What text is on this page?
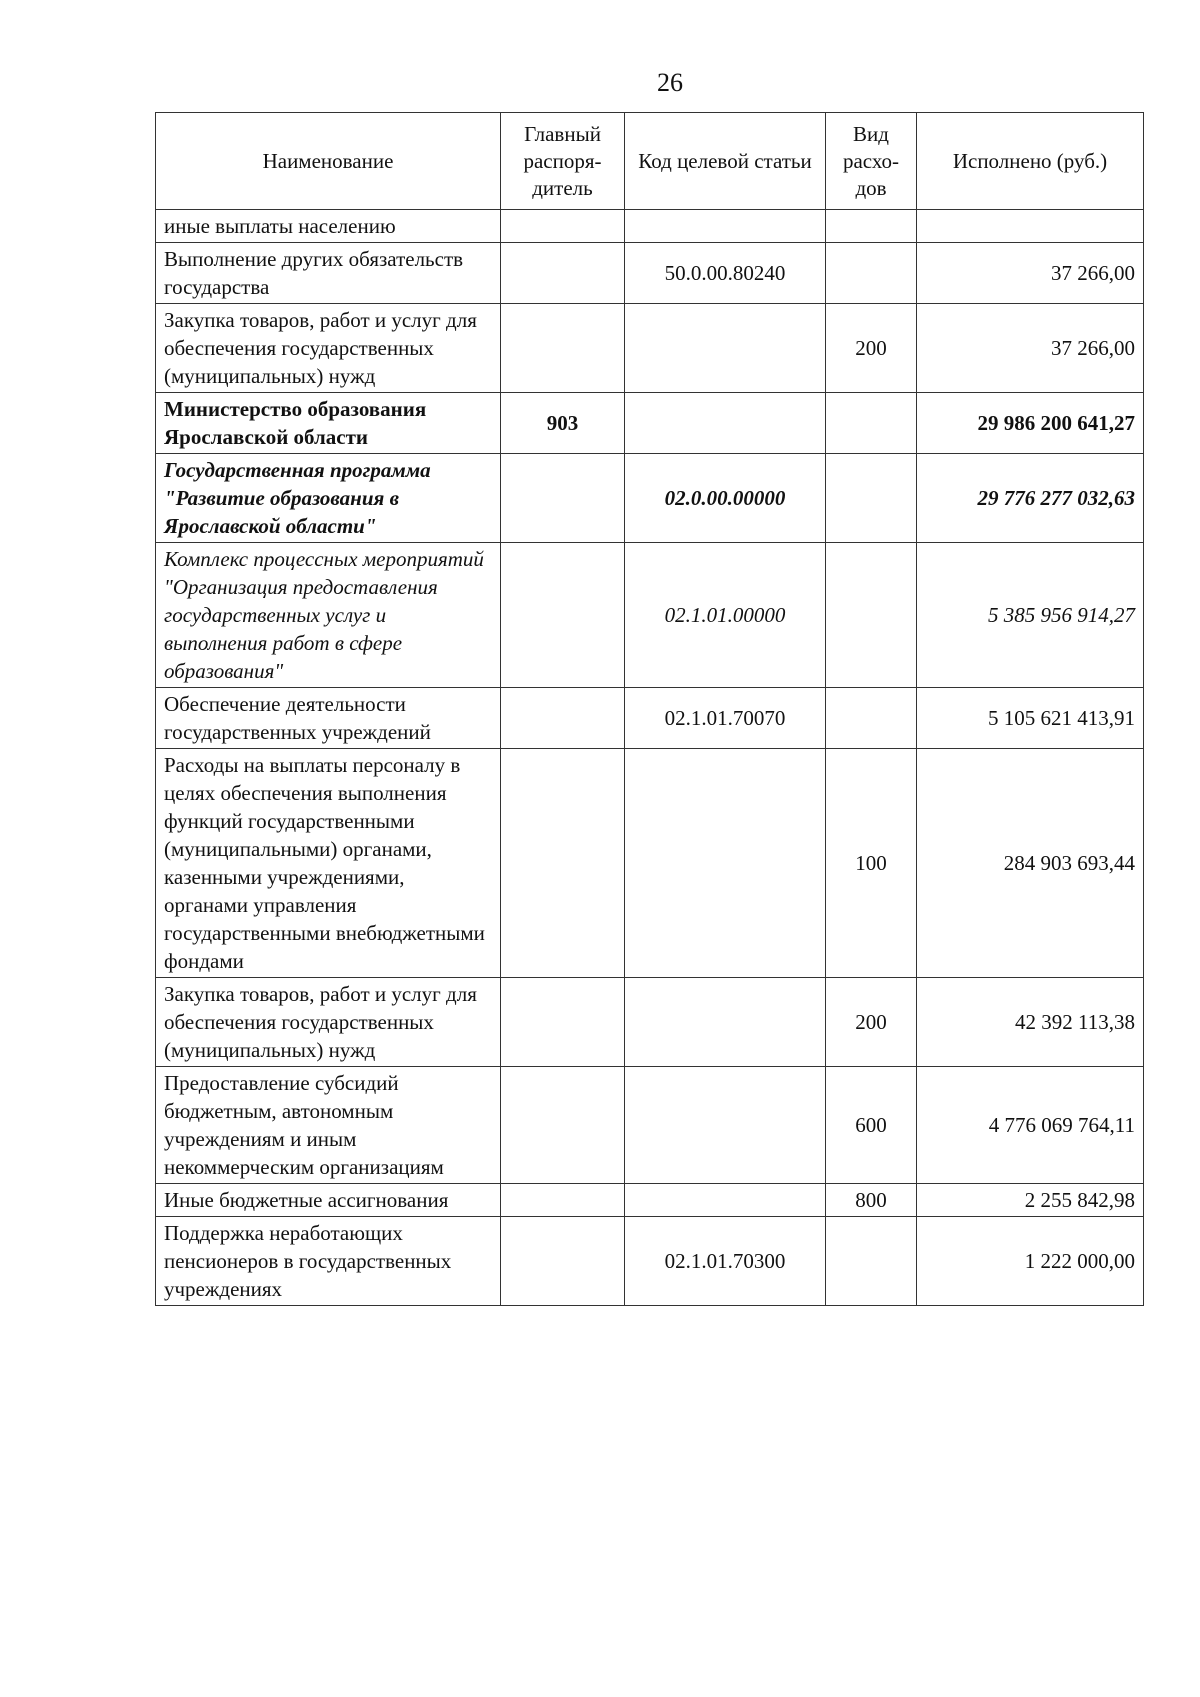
26
Наименование	Главный распоря-дитель	Код целевой статьи	Вид расхо-дов	Исполнено (руб.)
иные выплаты населению				
Выполнение других обязательств государства		50.0.00.80240		37 266,00
Закупка товаров, работ и услуг для обеспечения государственных (муниципальных) нужд			200	37 266,00
Министерство образования Ярославской области	903			29 986 200 641,27
Государственная программа "Развитие образования в Ярославской области"		02.0.00.00000		29 776 277 032,63
Комплекс процессных мероприятий "Организация предоставления государственных услуг и выполнения работ в сфере образования"		02.1.01.00000		5 385 956 914,27
Обеспечение деятельности государственных учреждений		02.1.01.70070		5 105 621 413,91
Расходы на выплаты персоналу в целях обеспечения выполнения функций государственными (муниципальными) органами, казенными учреждениями, органами управления государственными внебюджетными фондами			100	284 903 693,44
Закупка товаров, работ и услуг для обеспечения государственных (муниципальных) нужд			200	42 392 113,38
Предоставление субсидий бюджетным, автономным учреждениям и иным некоммерческим организациям			600	4 776 069 764,11
Иные бюджетные ассигнования			800	2 255 842,98
Поддержка неработающих пенсионеров в государственных учреждениях		02.1.01.70300		1 222 000,00
